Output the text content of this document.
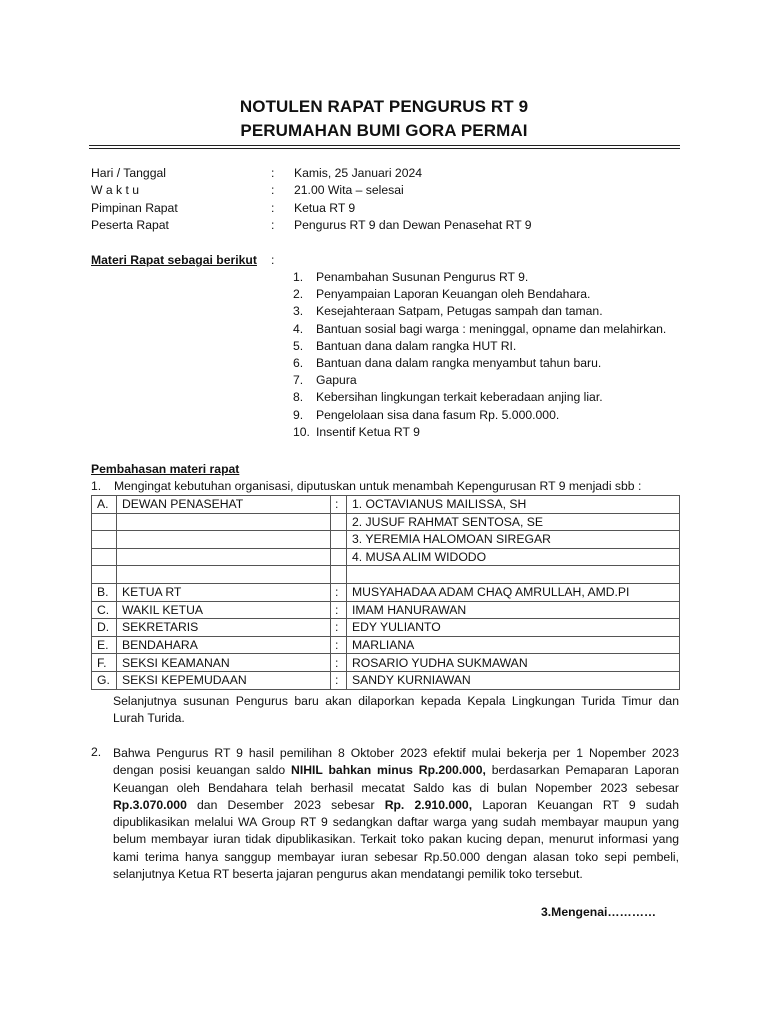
NOTULEN RAPAT PENGURUS RT 9
PERUMAHAN BUMI GORA PERMAI
Hari / Tanggal	: Kamis, 25 Januari 2024
W a k t u	: 21.00 Wita – selesai
Pimpinan Rapat	: Ketua RT 9
Peserta Rapat	: Pengurus RT 9 dan Dewan Penasehat RT 9
Materi Rapat sebagai berikut :
1.	Penambahan Susunan Pengurus RT 9.
2.	Penyampaian Laporan Keuangan oleh Bendahara.
3.	Kesejahteraan Satpam, Petugas sampah dan taman.
4.	Bantuan sosial bagi warga : meninggal, opname dan melahirkan.
5.	Bantuan dana dalam rangka HUT RI.
6.	Bantuan dana dalam rangka menyambut tahun baru.
7.	Gapura
8.	Kebersihan lingkungan terkait keberadaan anjing liar.
9.	Pengelolaan sisa dana fasum Rp. 5.000.000.
10. Insentif Ketua RT 9
Pembahasan materi rapat
1. Mengingat kebutuhan organisasi, diputuskan untuk menambah Kepengurusan RT 9 menjadi sbb :
A.	DEWAN PENASEHAT	:	1. OCTAVIANUS MAILISSA, SH
			2. JUSUF RAHMAT SENTOSA, SE
			3. YEREMIA HALOMOAN SIREGAR
			4. MUSA ALIM WIDODO

B.	KETUA RT	:	MUSYAHADAA ADAM CHAQ AMRULLAH, AMD.PI
C.	WAKIL KETUA	:	IMAM HANURAWAN
D.	SEKRETARIS	:	EDY YULIANTO
E.	BENDAHARA	:	MARLIANA
F.	SEKSI KEAMANAN	:	ROSARIO YUDHA SUKMAWAN
G.	SEKSI KEPEMUDAAN	:	SANDY KURNIAWAN
Selanjutnya susunan Pengurus baru akan dilaporkan kepada Kepala Lingkungan Turida Timur dan Lurah Turida.
2. Bahwa Pengurus RT 9 hasil pemilihan 8 Oktober 2023 efektif mulai bekerja per 1 Nopember 2023 dengan posisi keuangan saldo NIHIL bahkan minus Rp.200.000, berdasarkan Pemaparan Laporan Keuangan oleh Bendahara telah berhasil mecatat Saldo kas di bulan Nopember 2023 sebesar Rp.3.070.000 dan Desember 2023 sebesar Rp. 2.910.000, Laporan Keuangan RT 9 sudah dipublikasikan melalui WA Group RT 9 sedangkan daftar warga yang sudah membayar maupun yang belum membayar iuran tidak dipublikasikan. Terkait toko pakan kucing depan, menurut informasi yang kami terima hanya sanggup membayar iuran sebesar Rp.50.000 dengan alasan toko sepi pembeli, selanjutnya Ketua RT beserta jajaran pengurus akan mendatangi pemilik toko tersebut.
3.Mengenai…………
